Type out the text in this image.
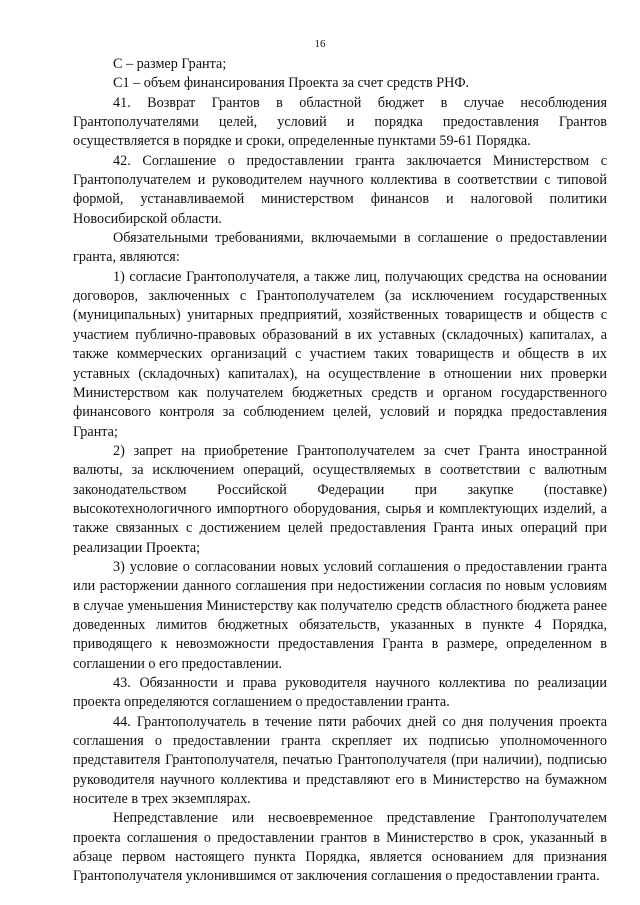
16

С – размер Гранта;

С1 – объем финансирования Проекта за счет средств РНФ.

41. Возврат Грантов в областной бюджет в случае несоблюдения Грантополучателями целей, условий и порядка предоставления Грантов осуществляется в порядке и сроки, определенные пунктами 59-61 Порядка.

42. Соглашение о предоставлении гранта заключается Министерством с Грантополучателем и руководителем научного коллектива в соответствии с типовой формой, устанавливаемой министерством финансов и налоговой политики Новосибирской области.

Обязательными требованиями, включаемыми в соглашение о предоставлении гранта, являются:

1) согласие Грантополучателя, а также лиц, получающих средства на основании договоров, заключенных с Грантополучателем (за исключением государственных (муниципальных) унитарных предприятий, хозяйственных товариществ и обществ с участием публично-правовых образований в их уставных (складочных) капиталах, а также коммерческих организаций с участием таких товариществ и обществ в их уставных (складочных) капиталах), на осуществление в отношении них проверки Министерством как получателем бюджетных средств и органом государственного финансового контроля за соблюдением целей, условий и порядка предоставления Гранта;

2) запрет на приобретение Грантополучателем за счет Гранта иностранной валюты, за исключением операций, осуществляемых в соответствии с валютным законодательством Российской Федерации при закупке (поставке) высокотехнологичного импортного оборудования, сырья и комплектующих изделий, а также связанных с достижением целей предоставления Гранта иных операций при реализации Проекта;

3) условие о согласовании новых условий соглашения о предоставлении гранта или расторжении данного соглашения при недостижении согласия по новым условиям в случае уменьшения Министерству как получателю средств областного бюджета ранее доведенных лимитов бюджетных обязательств, указанных в пункте 4 Порядка, приводящего к невозможности предоставления Гранта в размере, определенном в соглашении о его предоставлении.

43. Обязанности и права руководителя научного коллектива по реализации проекта определяются соглашением о предоставлении гранта.

44. Грантополучатель в течение пяти рабочих дней со дня получения проекта соглашения о предоставлении гранта скрепляет их подписью уполномоченного представителя Грантополучателя, печатью Грантополучателя (при наличии), подписью руководителя научного коллектива и представляют его в Министерство на бумажном носителе в трех экземплярах.

Непредставление или несвоевременное представление Грантополучателем проекта соглашения о предоставлении грантов в Министерство в срок, указанный в абзаце первом настоящего пункта Порядка, является основанием для признания Грантополучателя уклонившимся от заключения соглашения о предоставлении гранта.
